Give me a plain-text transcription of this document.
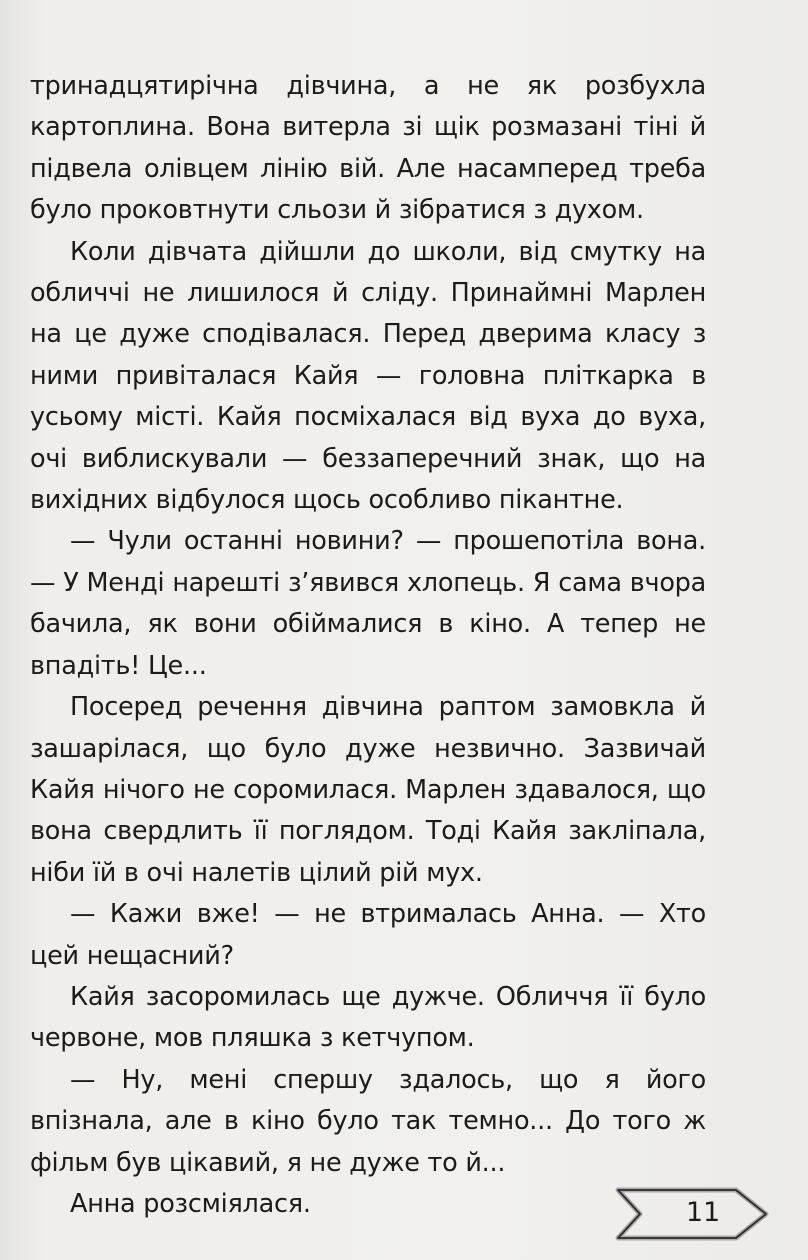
тринадцятирічна дівчина, а не як розбухла картоплина. Вона витерла зі щік розмазані тіні й підвела олівцем лінію вій. Але насамперед треба було проковтнути сльози й зібратися з духом.

Коли дівчата дійшли до школи, від смутку на обличчі не лишилося й сліду. Принаймні Марлен на це дуже сподівалася. Перед дверима класу з ними привіталася Кайя — головна пліткарка в усьому місті. Кайя посміхалася від вуха до вуха, очі виблискували — беззаперечний знак, що на вихідних відбулося щось особливо пікантне.

— Чули останні новини? — прошепотіла вона. — У Менді нарешті з’явився хлопець. Я сама вчора бачила, як вони обіймалися в кіно. А тепер не впадіть! Це...

Посеред речення дівчина раптом замовкла й зашарілася, що було дуже незвично. Зазвичай Кайя нічого не соромилася. Марлен здавалося, що вона свердлить її поглядом. Тоді Кайя закліпала, ніби їй в очі налетів цілий рій мух.

— Кажи вже! — не втрималась Анна. — Хто цей нещасний?

Кайя засоромилась ще дужче. Обличчя її було червоне, мов пляшка з кетчупом.

— Ну, мені спершу здалось, що я його впізнала, але в кіно було так темно... До того ж фільм був цікавий, я не дуже то й...

Анна розсміялася.	11
